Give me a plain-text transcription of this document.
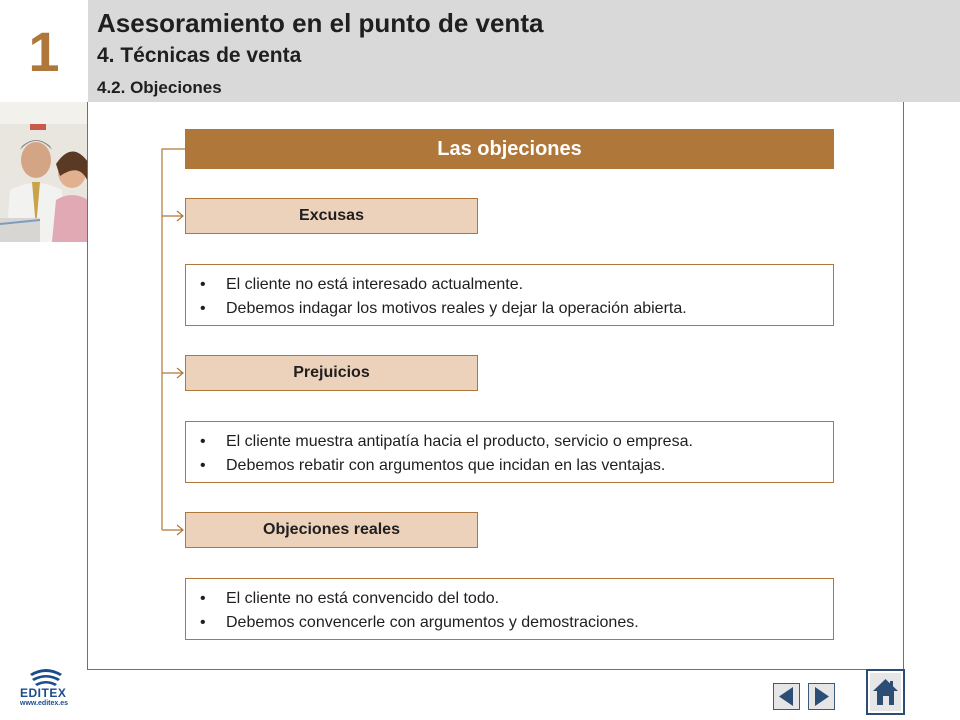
1 Asesoramiento en el punto de venta
4. Técnicas de venta
4.2. Objeciones
Las objeciones
Excusas
• El cliente no está interesado actualmente.
• Debemos indagar los motivos reales y dejar la operación abierta.
Prejuicios
• El cliente muestra antipatía hacia el producto, servicio o empresa.
• Debemos rebatir con argumentos que incidan en las ventajas.
Objeciones reales
• El cliente no está convencido del todo.
• Debemos convencerle con argumentos y demostraciones.
EDITEX
www.editex.es
